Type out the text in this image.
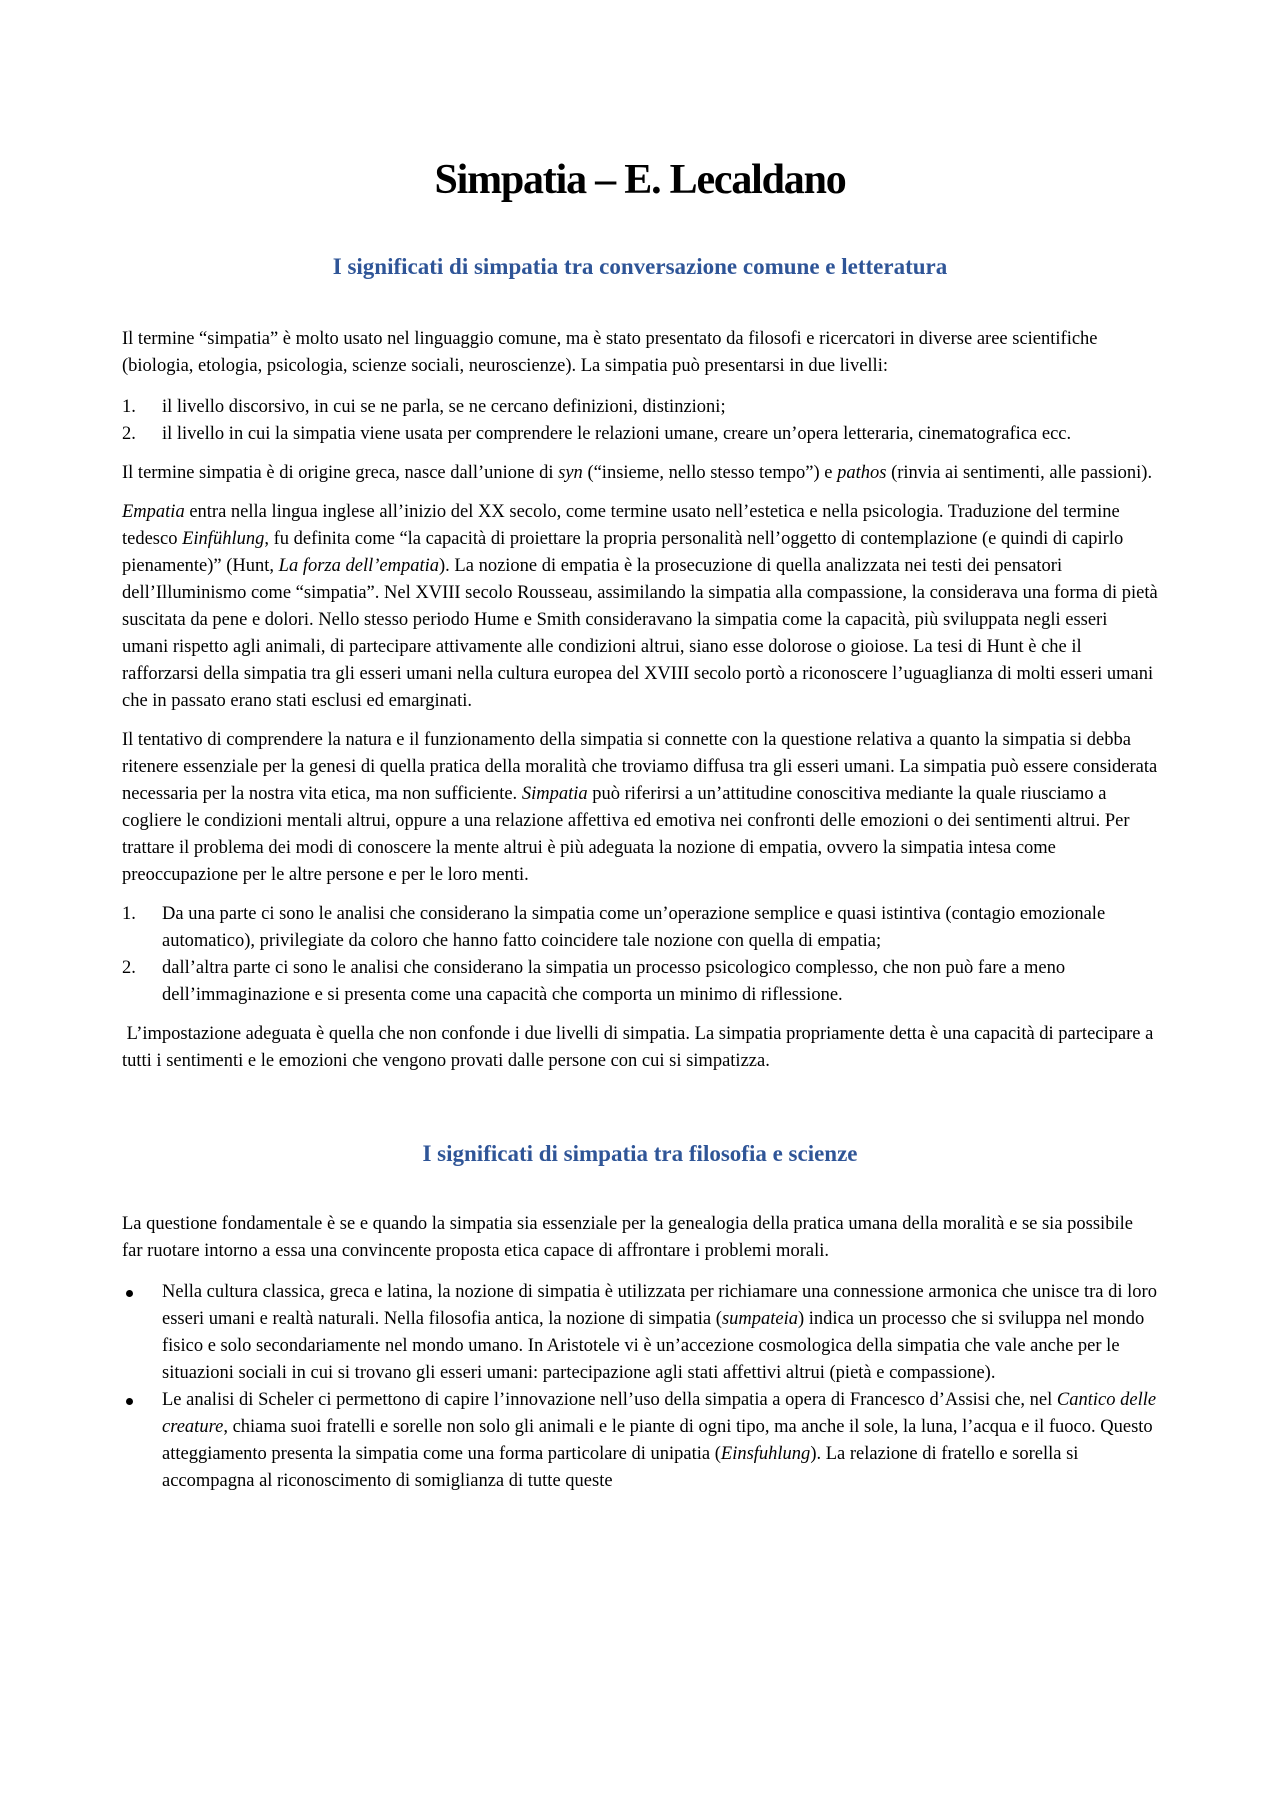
Simpatia – E. Lecaldano
I significati di simpatia tra conversazione comune e letteratura

Il termine “simpatia” è molto usato nel linguaggio comune, ma è stato presentato da filosofi e ricercatori in diverse aree scientifiche (biologia, etologia, psicologia, scienze sociali, neuroscienze). La simpatia può presentarsi in due livelli:

1.	il livello discorsivo, in cui se ne parla, se ne cercano definizioni, distinzioni;
2.	il livello in cui la simpatia viene usata per comprendere le relazioni umane, creare un’opera letteraria, cinematografica ecc.

Il termine simpatia è di origine greca, nasce dall’unione di syn (“insieme, nello stesso tempo”) e pathos (rinvia ai sentimenti, alle passioni).

Empatia entra nella lingua inglese all’inizio del XX secolo, come termine usato nell’estetica e nella psicologia. Traduzione del termine tedesco Einfühlung, fu definita come “la capacità di proiettare la propria personalità nell’oggetto di contemplazione (e quindi di capirlo pienamente)” (Hunt, La forza dell’empatia). La nozione di empatia è la prosecuzione di quella analizzata nei testi dei pensatori dell’Illuminismo come “simpatia”. Nel XVIII secolo Rousseau, assimilando la simpatia alla compassione, la considerava una forma di pietà suscitata da pene e dolori. Nello stesso periodo Hume e Smith consideravano la simpatia come la capacità, più sviluppata negli esseri umani rispetto agli animali, di partecipare attivamente alle condizioni altrui, siano esse dolorose o gioiose. La tesi di Hunt è che il rafforzarsi della simpatia tra gli esseri umani nella cultura europea del XVIII secolo portò a riconoscere l’uguaglianza di molti esseri umani che in passato erano stati esclusi ed emarginati.

Il tentativo di comprendere la natura e il funzionamento della simpatia si connette con la questione relativa a quanto la simpatia si debba ritenere essenziale per la genesi di quella pratica della moralità che troviamo diffusa tra gli esseri umani. La simpatia può essere considerata necessaria per la nostra vita etica, ma non sufficiente. Simpatia può riferirsi a un’attitudine conoscitiva mediante la quale riusciamo a cogliere le condizioni mentali altrui, oppure a una relazione affettiva ed emotiva nei confronti delle emozioni o dei sentimenti altrui. Per trattare il problema dei modi di conoscere la mente altrui è più adeguata la nozione di empatia, ovvero la simpatia intesa come preoccupazione per le altre persone e per le loro menti.

1.	Da una parte ci sono le analisi che considerano la simpatia come un’operazione semplice e quasi istintiva (contagio emozionale automatico), privilegiate da coloro che hanno fatto coincidere tale nozione con quella di empatia;
2.	dall’altra parte ci sono le analisi che considerano la simpatia un processo psicologico complesso, che non può fare a meno dell’immaginazione e si presenta come una capacità che comporta un minimo di riflessione.

L’impostazione adeguata è quella che non confonde i due livelli di simpatia. La simpatia propriamente detta è una capacità di partecipare a tutti i sentimenti e le emozioni che vengono provati dalle persone con cui si simpatizza.

I significati di simpatia tra filosofia e scienze

La questione fondamentale è se e quando la simpatia sia essenziale per la genealogia della pratica umana della moralità e se sia possibile far ruotare intorno a essa una convincente proposta etica capace di affrontare i problemi morali.

Nella cultura classica, greca e latina, la nozione di simpatia è utilizzata per richiamare una connessione armonica che unisce tra di loro esseri umani e realtà naturali. Nella filosofia antica, la nozione di simpatia (sumpateia) indica un processo che si sviluppa nel mondo fisico e solo secondariamente nel mondo umano. In Aristotele vi è un’accezione cosmologica della simpatia che vale anche per le situazioni sociali in cui si trovano gli esseri umani: partecipazione agli stati affettivi altrui (pietà e compassione).
Le analisi di Scheler ci permettono di capire l’innovazione nell’uso della simpatia a opera di Francesco d’Assisi che, nel Cantico delle creature, chiama suoi fratelli e sorelle non solo gli animali e le piante di ogni tipo, ma anche il sole, la luna, l’acqua e il fuoco. Questo atteggiamento presenta la simpatia come una forma particolare di unipatia (Einsfuhlung). La relazione di fratello e sorella si accompagna al riconoscimento di somiglianza di tutte queste
